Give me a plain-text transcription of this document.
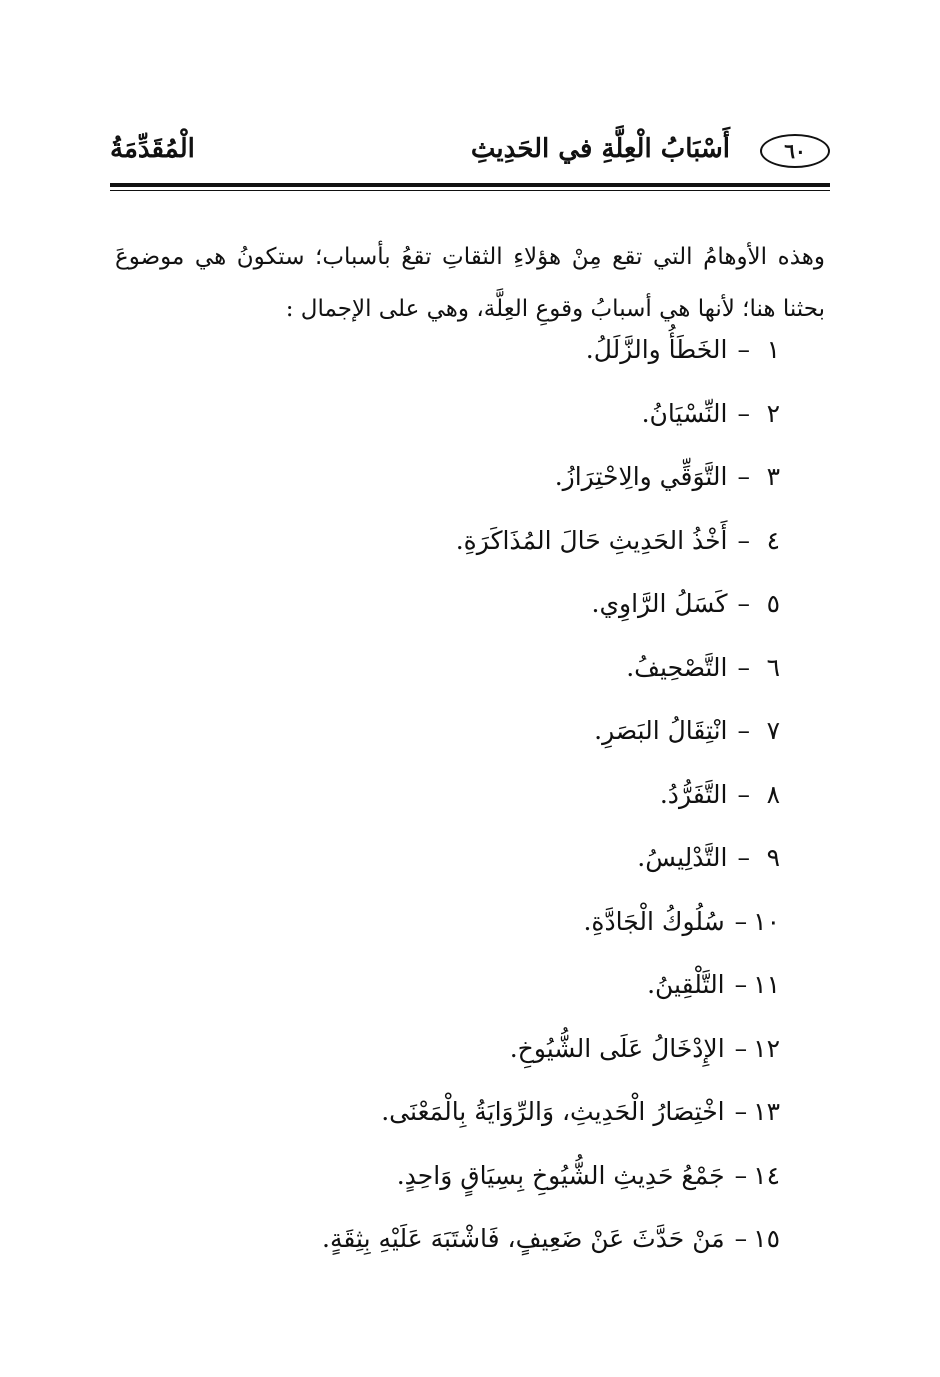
٦٠
أَسْبَابُ الْعِلَّةِ في الحَدِيثِ
الْمُقَدِّمَةُ

وهذه الأوهامُ التي تقع مِنْ هؤلاءِ الثقاتِ تقعُ بأسباب؛ ستكونُ هي موضوعَ بحثنا هنا؛ لأنها هي أسبابُ وقوعِ العِلَّة، وهي على الإجمال :

١
–
الخَطَأُ والزَّلَلُ.
٢
–
النِّسْيَانُ.
٣
–
التَّوَقِّي والِاحْتِرَازُ.
٤
–
أَخْذُ الحَدِيثِ حَالَ المُذَاكَرَةِ.
٥
–
كَسَلُ الرَّاوِي.
٦
–
التَّصْحِيفُ.
٧
–
انْتِقَالُ البَصَرِ.
٨
–
التَّفَرُّدُ.
٩
–
التَّدْلِيسُ.
١٠
–
سُلُوكُ الْجَادَّةِ.
١١
–
التَّلْقِينُ.
١٢
–
الإِدْخَالُ عَلَى الشُّيُوخِ.
١٣
–
اخْتِصَارُ الْحَدِيثِ، وَالرِّوَايَةُ بِالْمَعْنَى.
١٤
–
جَمْعُ حَدِيثِ الشُّيُوخِ بِسِيَاقٍ وَاحِدٍ.
١٥
–
مَنْ حَدَّثَ عَنْ ضَعِيفٍ، فَاشْتَبَهَ عَلَيْهِ بِثِقَةٍ.
